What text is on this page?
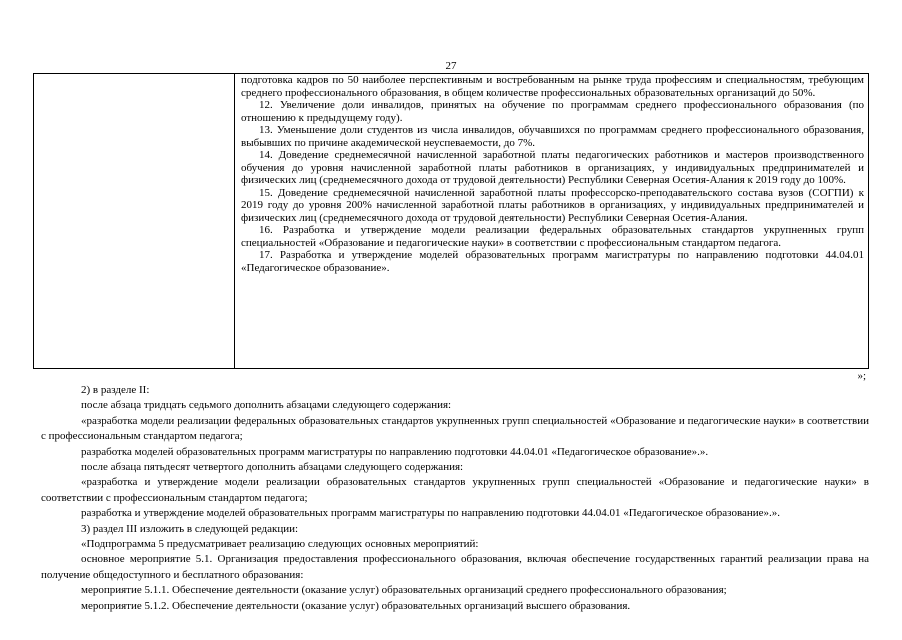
27

подготовка кадров по 50 наиболее перспективным и востребованным на рынке труда профессиям и специальностям, требующим среднего профессионального образования, в общем количестве профессиональных образовательных организаций до 50%.

12. Увеличение доли инвалидов, принятых на обучение по программам среднего профессионального образования (по отношению к предыдущему году).

13. Уменьшение доли студентов из числа инвалидов, обучавшихся по программам среднего профессионального образования, выбывших по причине академической неуспеваемости, до 7%.

14. Доведение среднемесячной начисленной заработной платы педагогических работников и мастеров производственного обучения до уровня начисленной заработной платы работников в организациях, у индивидуальных предпринимателей и физических лиц (среднемесячного дохода от трудовой деятельности) Республики Северная Осетия-Алания к 2019 году до 100%.

15. Доведение среднемесячной начисленной заработной платы профессорско-преподавательского состава вузов (СОГПИ) к 2019 году до уровня 200% начисленной заработной платы работников в организациях, у индивидуальных предпринимателей и физических лиц (среднемесячного дохода от трудовой деятельности) Республики Северная Осетия-Алания.

16. Разработка и утверждение модели реализации федеральных образовательных стандартов укрупненных групп специальностей «Образование и педагогические науки» в соответствии с профессиональным стандартом педагога.

17. Разработка и утверждение моделей образовательных программ магистратуры по направлению подготовки 44.04.01 «Педагогическое образование».

»;

2) в разделе II:

после абзаца тридцать седьмого дополнить абзацами следующего содержания:

«разработка модели реализации федеральных образовательных стандартов укрупненных групп специальностей «Образование и педагогические науки» в соответствии с профессиональным стандартом педагога;

разработка моделей образовательных программ магистратуры по направлению подготовки 44.04.01 «Педагогическое образование».».

после абзаца пятьдесят четвертого дополнить абзацами следующего содержания:

«разработка и утверждение модели реализации образовательных стандартов укрупненных групп специальностей «Образование и педагогические науки» в соответствии с профессиональным стандартом педагога;

разработка и утверждение моделей образовательных программ магистратуры по направлению подготовки 44.04.01 «Педагогическое образование».».

3) раздел III изложить в следующей редакции:

«Подпрограмма 5 предусматривает реализацию следующих основных мероприятий:

основное мероприятие 5.1. Организация предоставления профессионального образования, включая обеспечение государственных гарантий реализации права на получение общедоступного и бесплатного образования:

мероприятие 5.1.1. Обеспечение деятельности (оказание услуг) образовательных организаций среднего профессионального образования;

мероприятие 5.1.2. Обеспечение деятельности (оказание услуг) образовательных организаций высшего образования.
